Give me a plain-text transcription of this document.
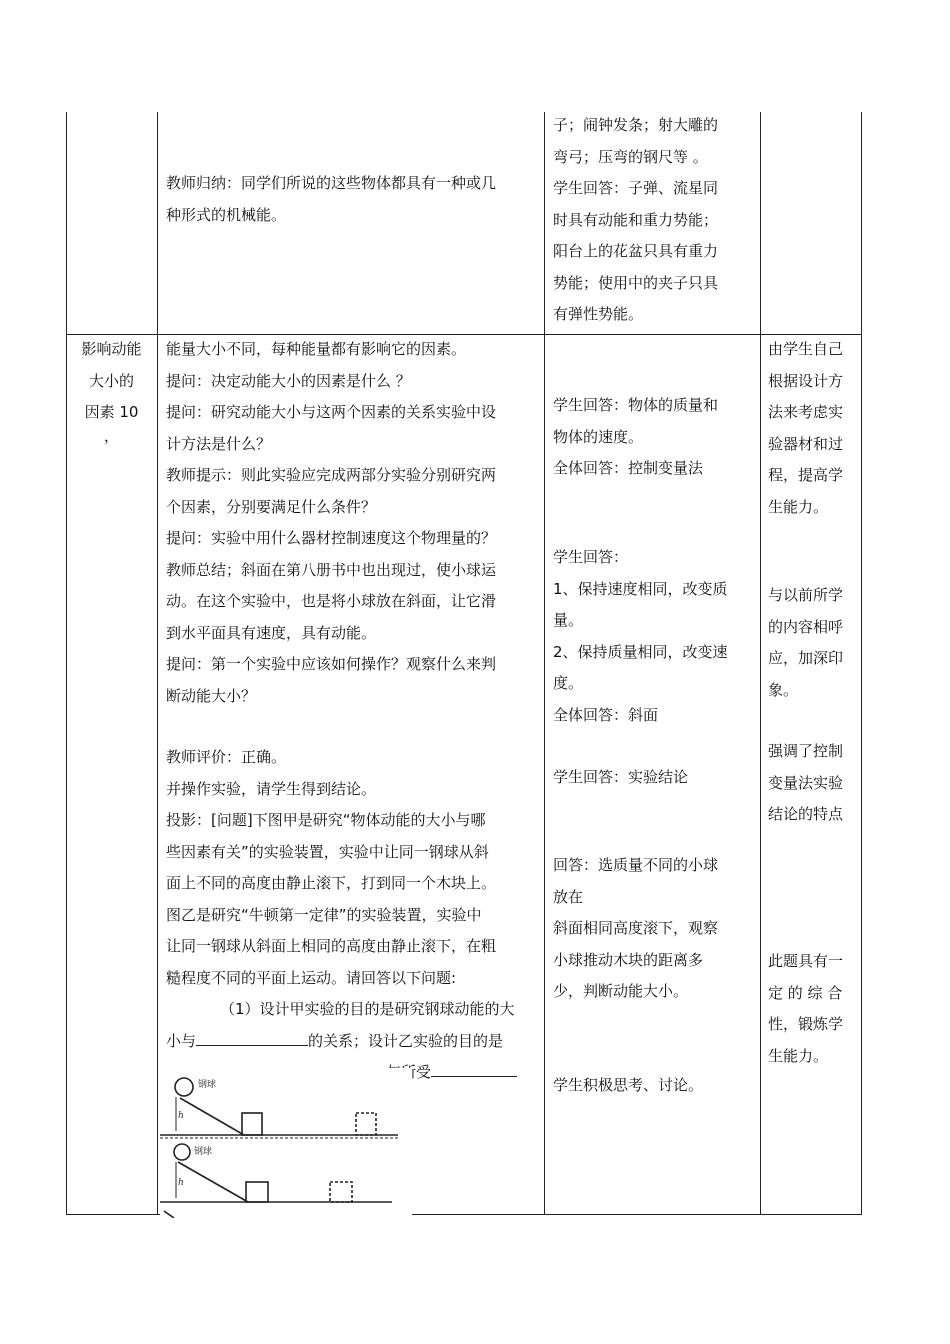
教师归纳：同学们所说的这些物体都具有一种或几

种形式的机械能。

子；闹钟发条；射大雕的

弯弓；压弯的钢尺等 。

学生回答：子弹、流星同

时具有动能和重力势能；

阳台上的花盆只具有重力

势能；使用中的夹子只具

有弹性势能。

影响动能

大小的

因素 10

，

能量大小不同，每种能量都有影响它的因素。

提问：决定动能大小的因素是什么 ？

提问：研究动能大小与这两个因素的关系实验中设

计方法是什么？

教师提示：则此实验应完成两部分实验分别研究两

个因素，分别要满足什么条件？

提问：实验中用什么器材控制速度这个物理量的？

教师总结；斜面在第八册书中也出现过，使小球运

动。在这个实验中，也是将小球放在斜面，让它滑

到水平面具有速度，具有动能。

提问：第一个实验中应该如何操作？观察什么来判

断动能大小？

教师评价：正确。

并操作实验，请学生得到结论。

投影：[问题]下图甲是研究“物体动能的大小与哪

些因素有关”的实验装置，实验中让同一钢球从斜

面上不同的高度由静止滚下，打到同一个木块上。

图乙是研究“牛顿第一定律”的实验装置，实验中

让同一钢球从斜面上相同的高度由静止滚下，在粗

糙程度不同的平面上运动。请回答以下问题:

（1）设计甲实验的目的是研究钢球动能的大

小与	的关系；设计乙实验的目的是

与所受

钢球
h
钢球
h

学生回答：物体的质量和

物体的速度。

全体回答：控制变量法

学生回答：

1、保持速度相同，改变质

量。

2、保持质量相同，改变速

度。

全体回答：斜面

学生回答：实验结论

回答：选质量不同的小球

放在

斜面相同高度滚下，观察

小球推动木块的距离多

少，判断动能大小。

学生积极思考、讨论。

由学生自己

根据设计方

法来考虑实

验器材和过

程，提高学

生能力。

与以前所学

的内容相呼

应，加深印

象。

强调了控制

变量法实验

结论的特点

此题具有一

定 的 综 合

性，锻炼学

生能力。
